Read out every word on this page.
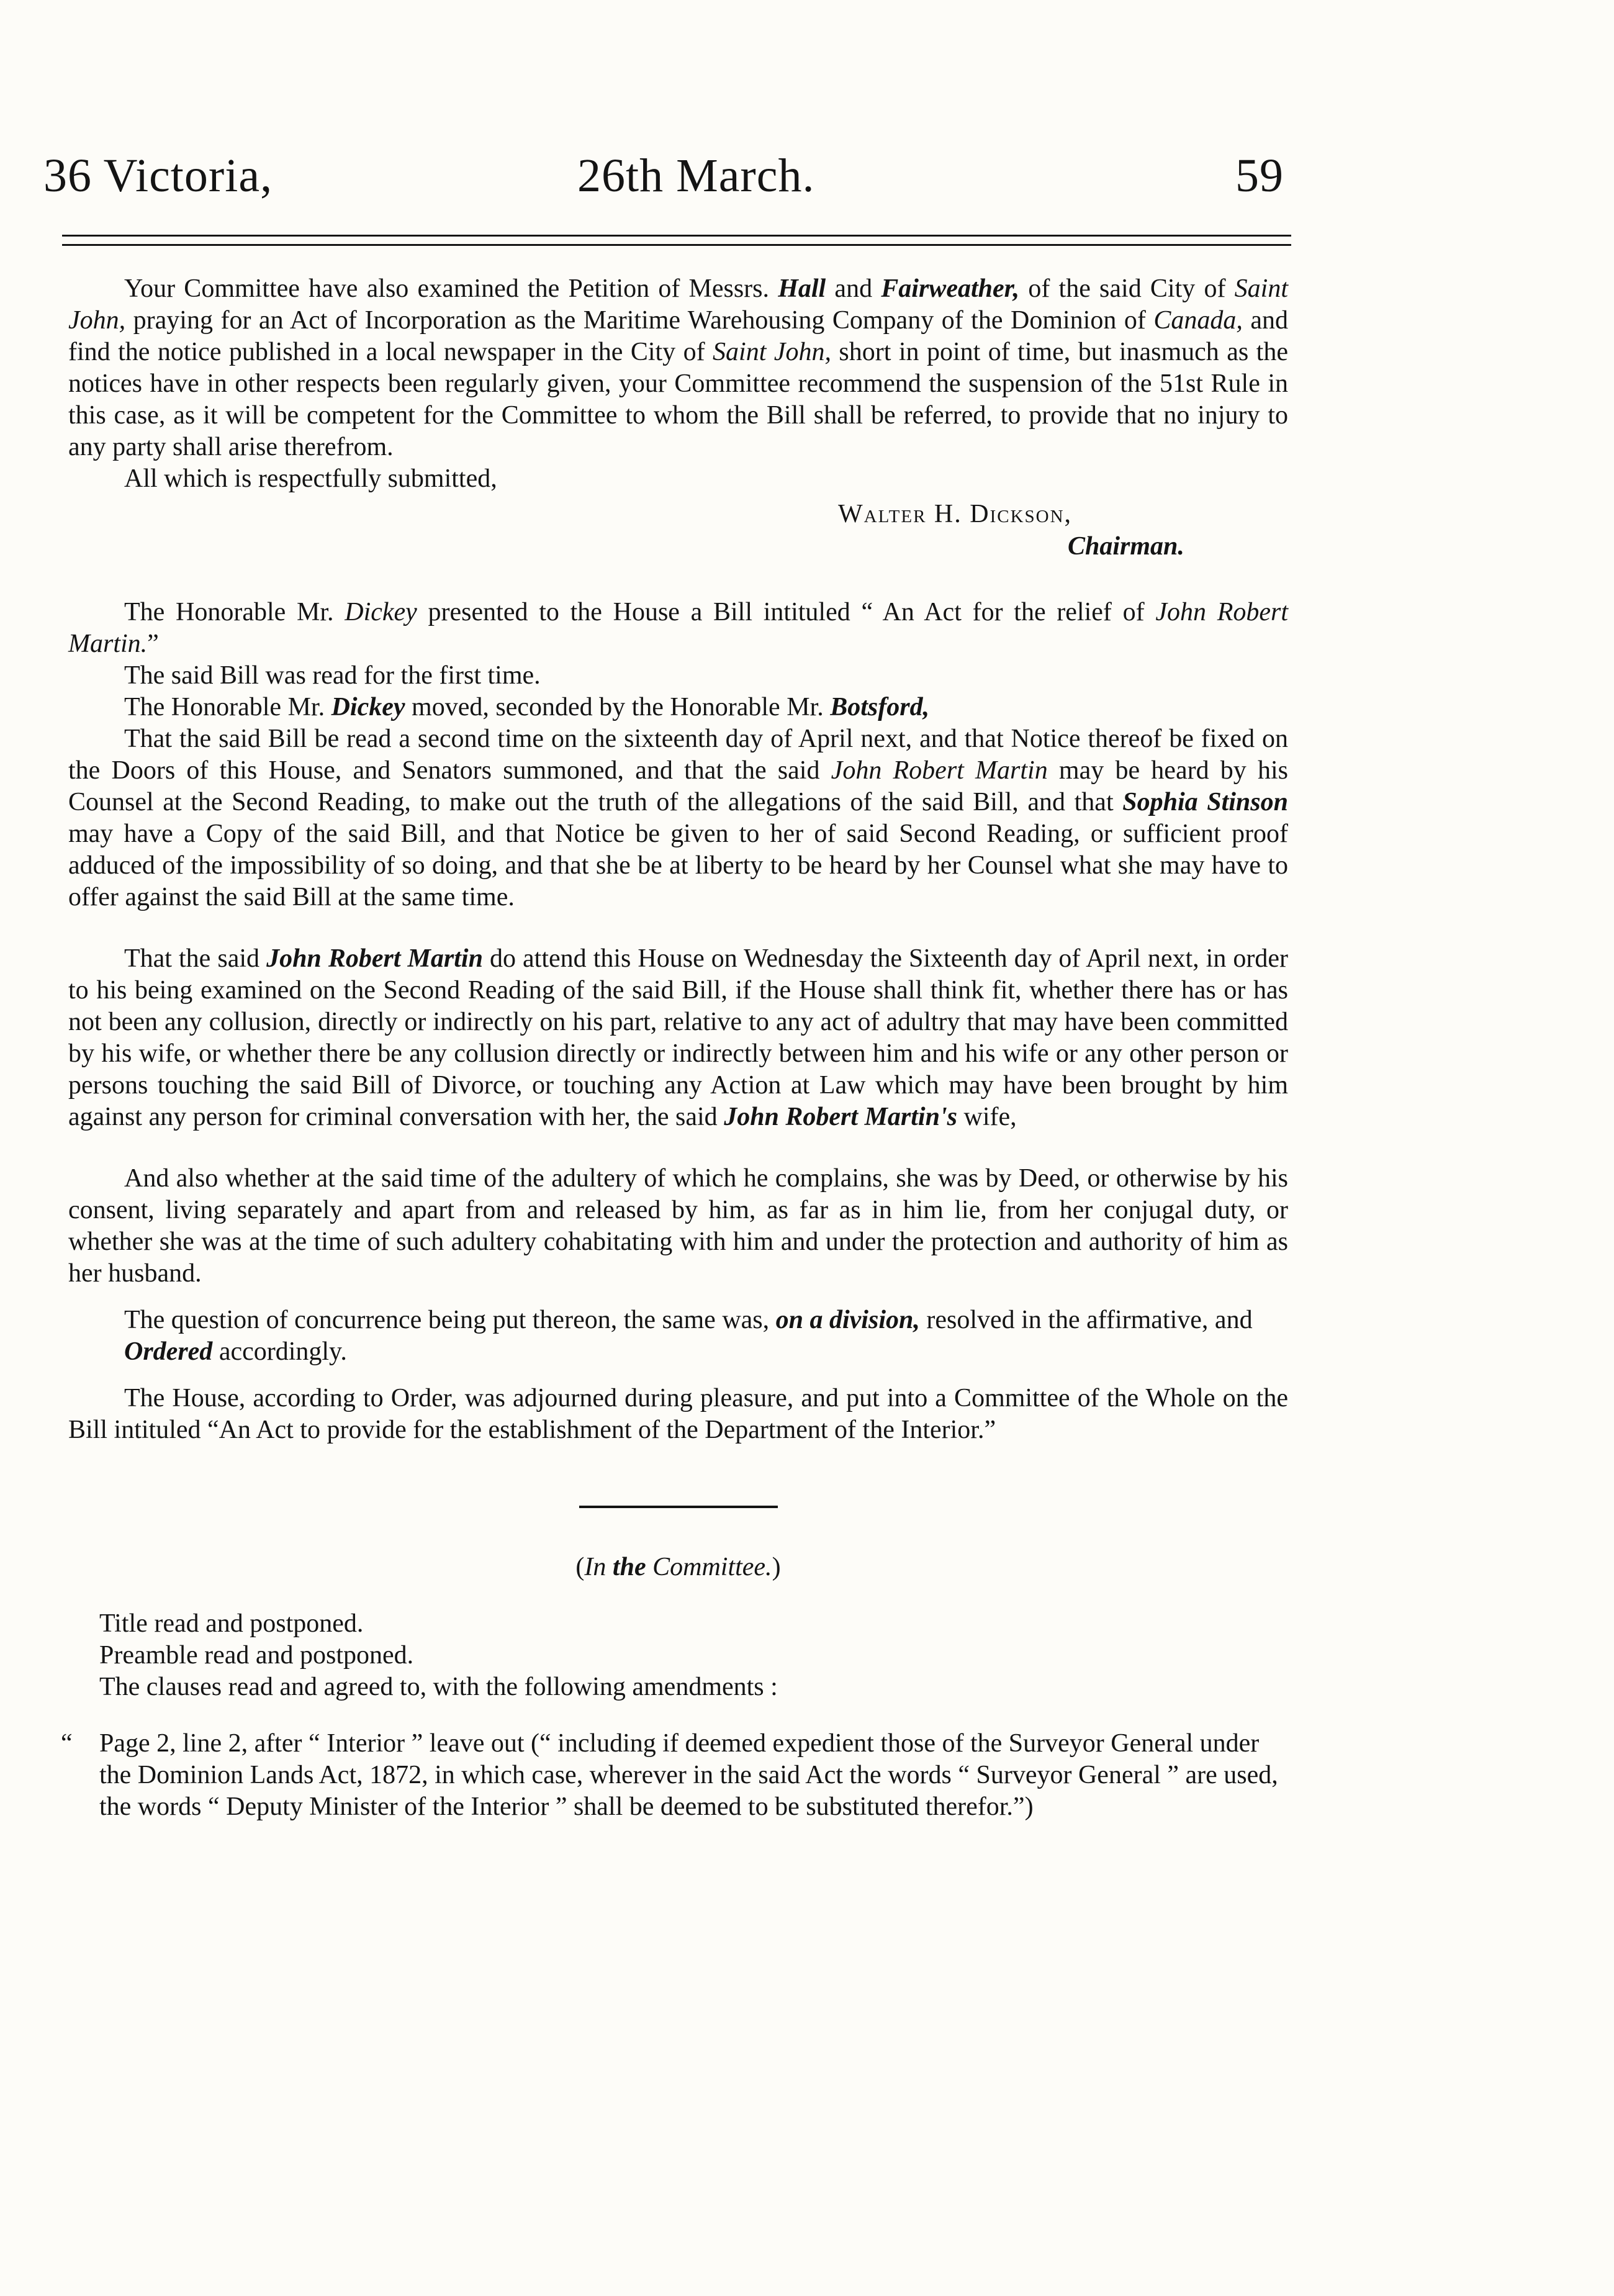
36 Victoria,	26th March.	59

Your Committee have also examined the Petition of Messrs. Hall and Fairweather, of the said City of Saint John, praying for an Act of Incorporation as the Maritime Warehousing Company of the Dominion of Canada, and find the notice published in a local newspaper in the City of Saint John, short in point of time, but inasmuch as the notices have in other respects been regularly given, your Committee recommend the suspension of the 51st Rule in this case, as it will be competent for the Committee to whom the Bill shall be referred, to provide that no injury to any party shall arise therefrom.

All which is respectfully submitted,

Walter H. Dickson,
Chairman.

The Honorable Mr. Dickey presented to the House a Bill intituled “ An Act for the relief of John Robert Martin.”

The said Bill was read for the first time.

The Honorable Mr. Dickey moved, seconded by the Honorable Mr. Botsford,

That the said Bill be read a second time on the sixteenth day of April next, and that Notice thereof be fixed on the Doors of this House, and Senators summoned, and that the said John Robert Martin may be heard by his Counsel at the Second Reading, to make out the truth of the allegations of the said Bill, and that Sophia Stinson may have a Copy of the said Bill, and that Notice be given to her of said Second Reading, or sufficient proof adduced of the impossibility of so doing, and that she be at liberty to be heard by her Counsel what she may have to offer against the said Bill at the same time.

That the said John Robert Martin do attend this House on Wednesday the Sixteenth day of April next, in order to his being examined on the Second Reading of the said Bill, if the House shall think fit, whether there has or has not been any collusion, directly or indirectly on his part, relative to any act of adultry that may have been committed by his wife, or whether there be any collusion directly or indirectly between him and his wife or any other person or persons touching the said Bill of Divorce, or touching any Action at Law which may have been brought by him against any person for criminal conversation with her, the said John Robert Martin's wife,

And also whether at the said time of the adultery of which he complains, she was by Deed, or otherwise by his consent, living separately and apart from and released by him, as far as in him lie, from her conjugal duty, or whether she was at the time of such adultery cohabitating with him and under the protection and authority of him as her husband.

The question of concurrence being put thereon, the same was, on a division, resolved in the affirmative, and

Ordered accordingly.

The House, according to Order, was adjourned during pleasure, and put into a Committee of the Whole on the Bill intituled “An Act to provide for the establishment of the Department of the Interior.”

(In the Committee.)

Title read and postponed.

Preamble read and postponed.

The clauses read and agreed to, with the following amendments :

“ Page 2, line 2, after “ Interior ” leave out (“ including if deemed expedient those of the Surveyor General under the Dominion Lands Act, 1872, in which case, wherever in the said Act the words “ Surveyor General ” are used, the words “ Deputy Minister of the Interior ” shall be deemed to be substituted therefor.”)
